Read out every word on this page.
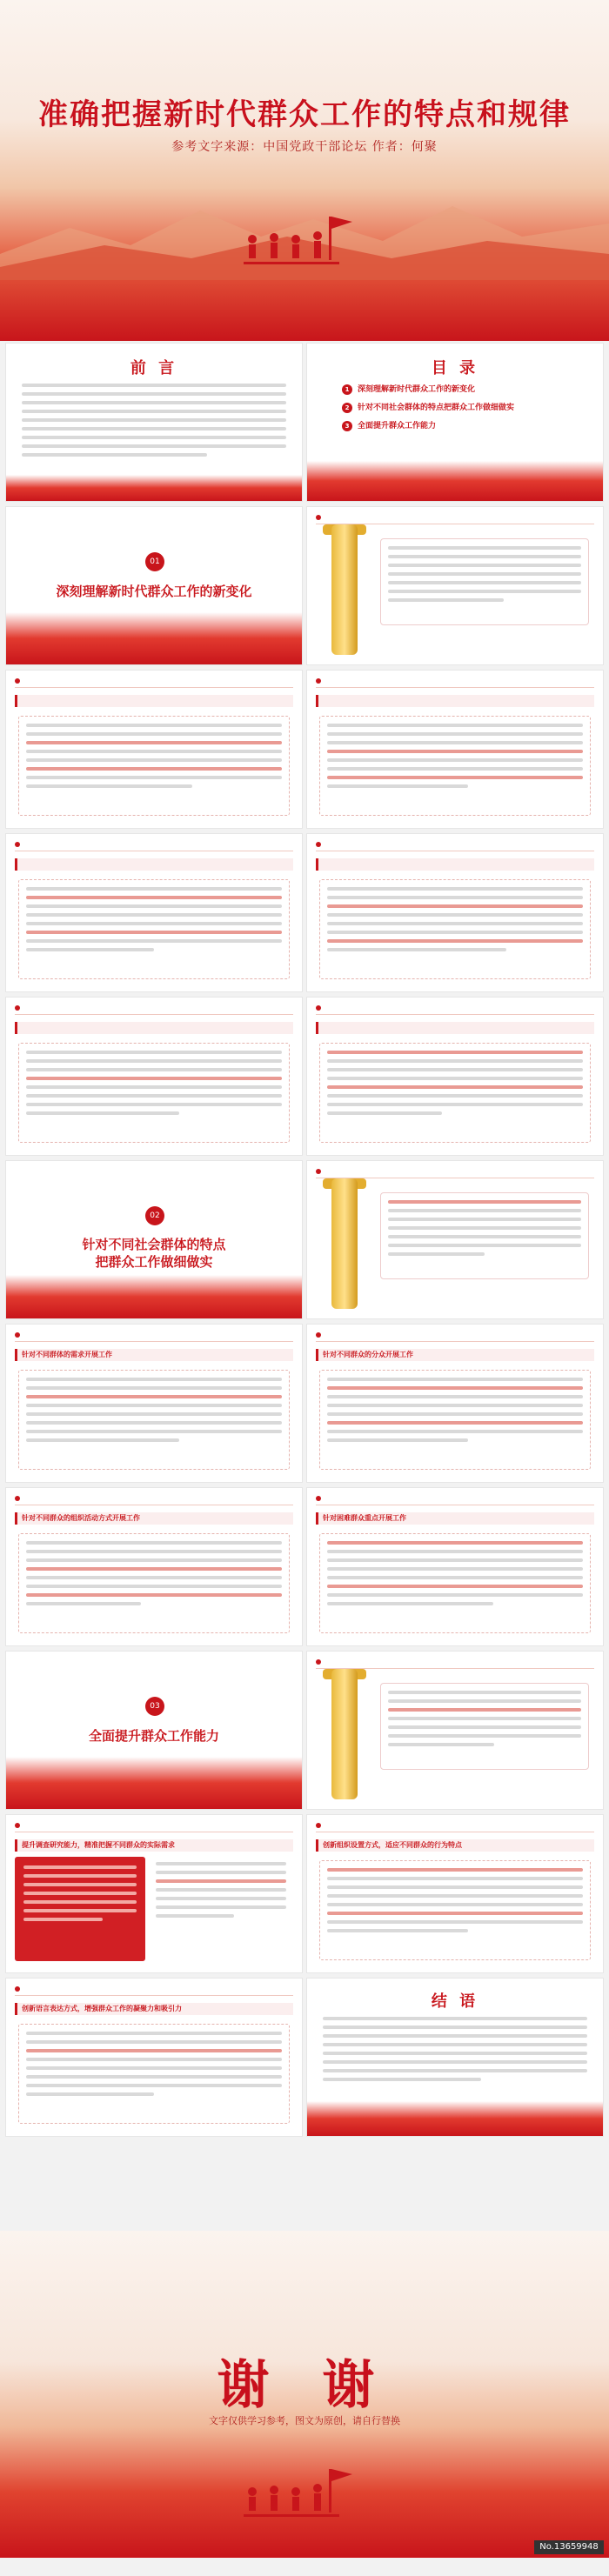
准确把握新时代群众工作的特点和规律
参考文字来源：中国党政干部论坛 作者：何聚
前 言	目 录
1	深刻理解新时代群众工作的新变化
2	针对不同社会群体的特点把群众工作做细做实
3	全面提升群众工作能力
01
深刻理解新时代群众工作的新变化
02
针对不同社会群体的特点
把群众工作做细做实
针对不同群体的需求开展工作	针对不同群众的分众开展工作
针对不同群众的组织活动方式开展工作	针对困难群众重点开展工作
03
全面提升群众工作能力
提升调查研究能力，精准把握不同群众的实际需求	创新组织设置方式，适应不同群众的行为特点
创新语言表达方式，增强群众工作的凝聚力和吸引力	结 语
谢 谢
文字仅供学习参考，图文为原创，请自行替换
No.13659948
